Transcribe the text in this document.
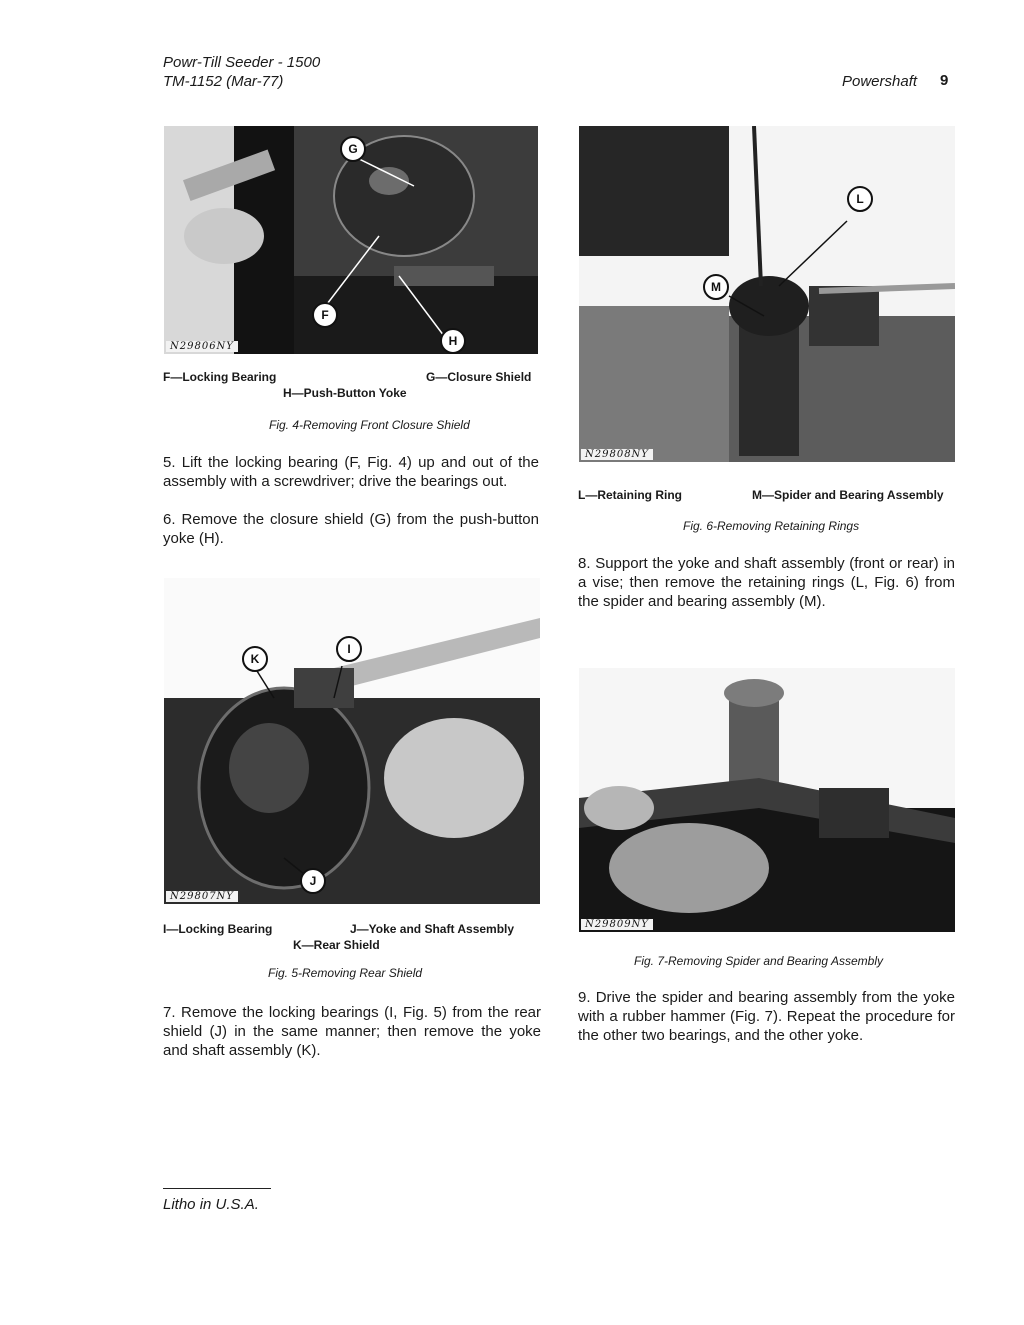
Powr-Till Seeder - 1500
TM-1152 (Mar-77)	Powershaft 9
G
F
H
N29806NY
F—Locking Bearing	G—Closure Shield
H—Push-Button Yoke
Fig. 4-Removing Front Closure Shield
5. Lift the locking bearing (F, Fig. 4) up and out of the assembly with a screwdriver; drive the bearings out.
6. Remove the closure shield (G) from the push-button yoke (H).
L
M
N29808NY
L—Retaining Ring	M—Spider and Bearing Assembly
Fig. 6-Removing Retaining Rings
8. Support the yoke and shaft assembly (front or rear) in a vise; then remove the retaining rings (L, Fig. 6) from the spider and bearing assembly (M).
K
I
J
N29807NY
I—Locking Bearing	J—Yoke and Shaft Assembly
K—Rear Shield
Fig. 5-Removing Rear Shield
7. Remove the locking bearings (I, Fig. 5) from the rear shield (J) in the same manner; then remove the yoke and shaft assembly (K).
N29809NY
Fig. 7-Removing Spider and Bearing Assembly
9. Drive the spider and bearing assembly from the yoke with a rubber hammer (Fig. 7). Repeat the procedure for the other two bearings, and the other yoke.
Litho in U.S.A.
